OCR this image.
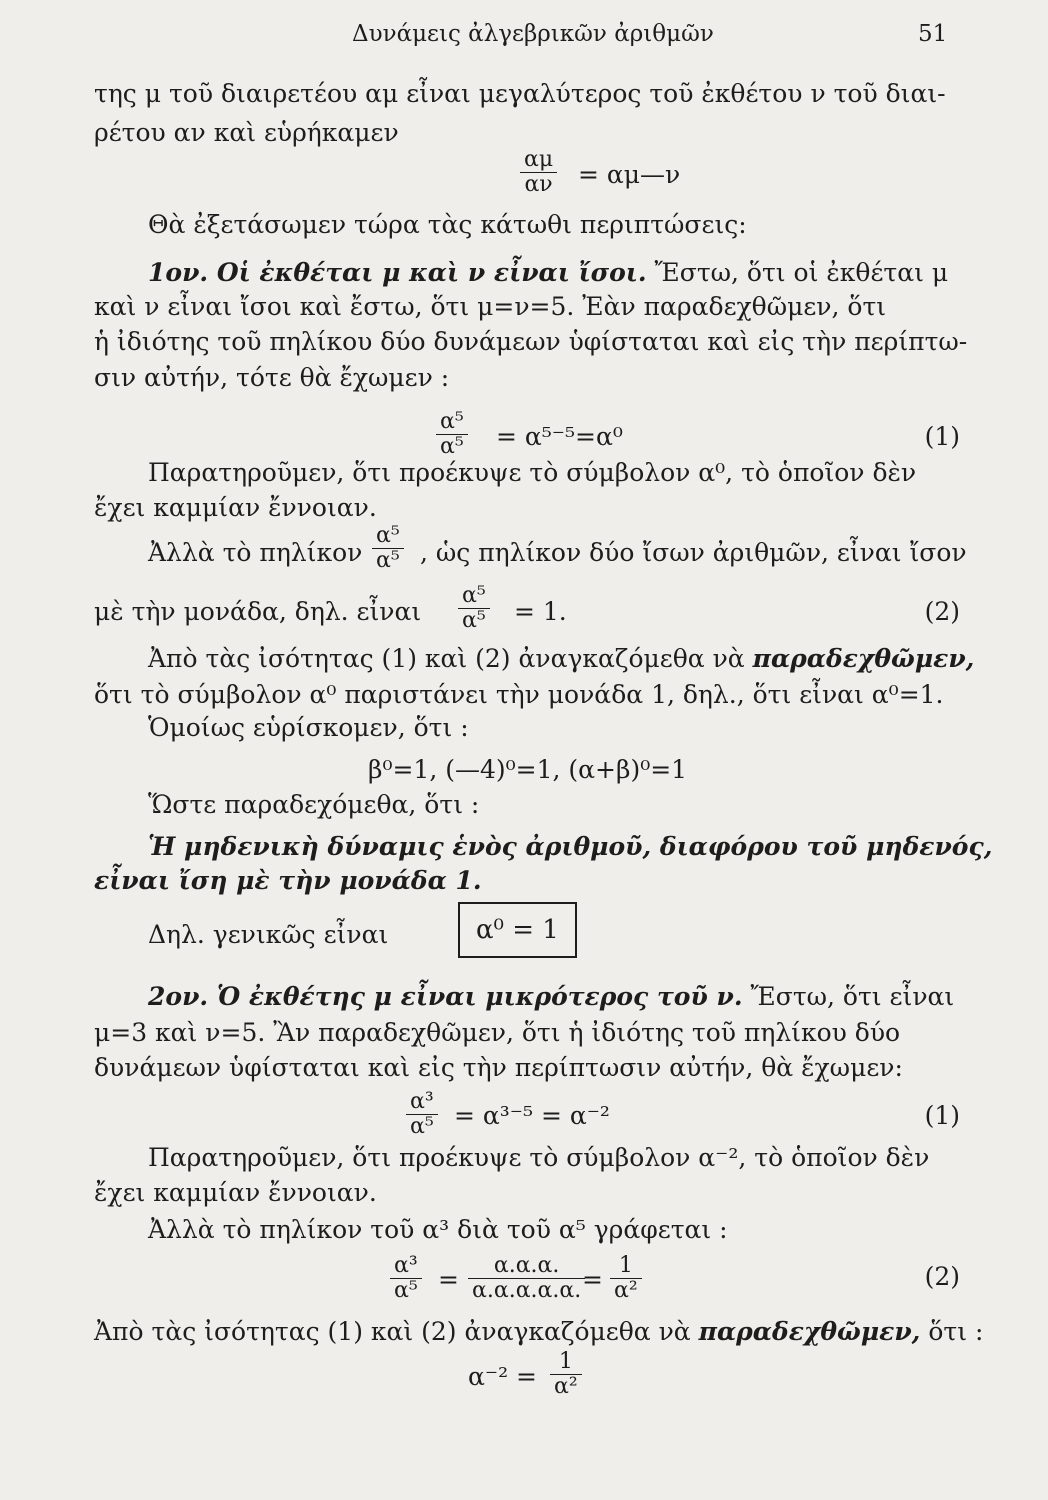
Δυνάμεις ἀλγεβρικῶν ἀριθμῶν	51
της μ τοῦ διαιρετέου αμ εἶναι μεγαλύτερος τοῦ ἐκθέτου ν τοῦ διαι-
ρέτου αν καὶ εὑρήκαμεν
$\frac{\alpha\mu}{\alpha\nu}$ = αμ—ν
Θὰ ἐξετάσωμεν τώρα τὰς κάτωθι περιπτώσεις:
1ον. Οἱ ἐκθέται μ καὶ ν εἶναι ἴσοι. Ἔστω, ὅτι οἱ ἐκθέται μ
καὶ ν εἶναι ἴσοι καὶ ἔστω, ὅτι μ=ν=5. Ἐὰν παραδεχθῶμεν, ὅτι
ἡ ἰδιότης τοῦ πηλίκου δύο δυνάμεων ὑφίσταται καὶ εἰς τὴν περίπτω-
σιν αὐτήν, τότε θὰ ἔχωμεν :
$\frac{\text{α⁵}}{\text{α⁵}} = \alpha^{5-5}=\alpha^0$	(1)
Παρατηροῦμεν, ὅτι προέκυψε τὸ σύμβολον α⁰, τὸ ὁποῖον δὲν
ἔχει καμμίαν ἔννοιαν.
Ἀλλὰ τὸ πηλίκον $\frac{\text{α⁵}}{\text{α⁵}}$ , ὡς πηλίκον δύο ἴσων ἀριθμῶν, εἶναι ἴσον
μὲ τὴν μονάδα, δηλ. εἶναι $\frac{\text{α⁵}}{\text{α⁵}} = 1$.	(2)
Ἀπὸ τὰς ἰσότητας (1) καὶ (2) ἀναγκαζόμεθα νὰ παραδεχθῶμεν,
ὅτι τὸ σύμβολον α⁰ παριστάνει τὴν μονάδα 1, δηλ., ὅτι εἶναι α⁰=1.
Ὁμοίως εὑρίσκομεν, ὅτι :
β⁰=1, (—4)⁰=1, (α+β)⁰=1
Ὥστε παραδεχόμεθα, ὅτι :
Ἡ μηδενικὴ δύναμις ἑνὸς ἀριθμοῦ, διαφόρου τοῦ μηδενός,
εἶναι ἴση μὲ τὴν μονάδα 1.
Δηλ. γενικῶς εἶναι	α⁰ = 1
2ον. Ὁ ἐκθέτης μ εἶναι μικρότερος τοῦ ν. Ἔστω, ὅτι εἶναι
μ=3 καὶ ν=5. Ἂν παραδεχθῶμεν, ὅτι ἡ ἰδιότης τοῦ πηλίκου δύο
δυνάμεων ὑφίσταται καὶ εἰς τὴν περίπτωσιν αὐτήν, θὰ ἔχωμεν:
$\frac{\text{α³}}{\text{α⁵}} = \alpha^{3-5} = \alpha^{-2}$	(1)
Παρατηροῦμεν, ὅτι προέκυψε τὸ σύμβολον α⁻², τὸ ὁποῖον δὲν
ἔχει καμμίαν ἔννοιαν.
Ἀλλὰ τὸ πηλίκον τοῦ α³ διὰ τοῦ α⁵ γράφεται :
$\frac{\text{α³}}{\text{α⁵}} = \frac{\alpha.\alpha.\alpha.}{\alpha.\alpha.\alpha.\alpha.\alpha.}$
= $\frac{1}{\text{α²}}$	(2)
Ἀπὸ τὰς ἰσότητας (1) καὶ (2) ἀναγκαζόμεθα νὰ παραδεχθῶμεν, ὅτι :
$\alpha^{-2} = \frac{1}{\text{α²}}$
